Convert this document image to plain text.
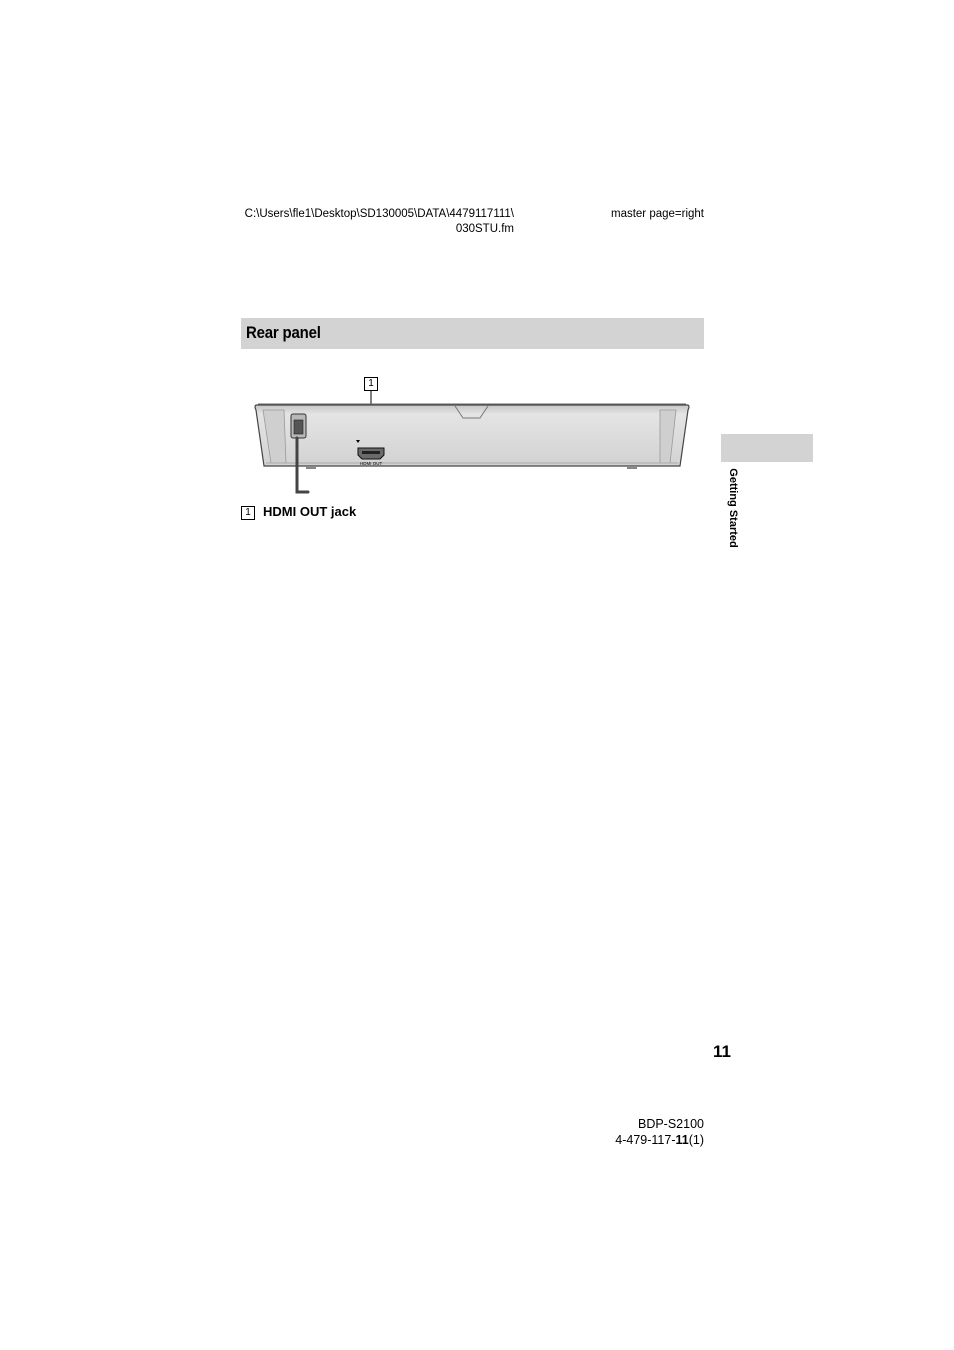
C:\Users\fle1\Desktop\SD130005\DATA\4479117111\
030STU.fm
master page=right
Rear panel
1
HDMI OUT
1 HDMI OUT jack	Getting Started
11
BDP-S2100
4-479-117-11(1)
